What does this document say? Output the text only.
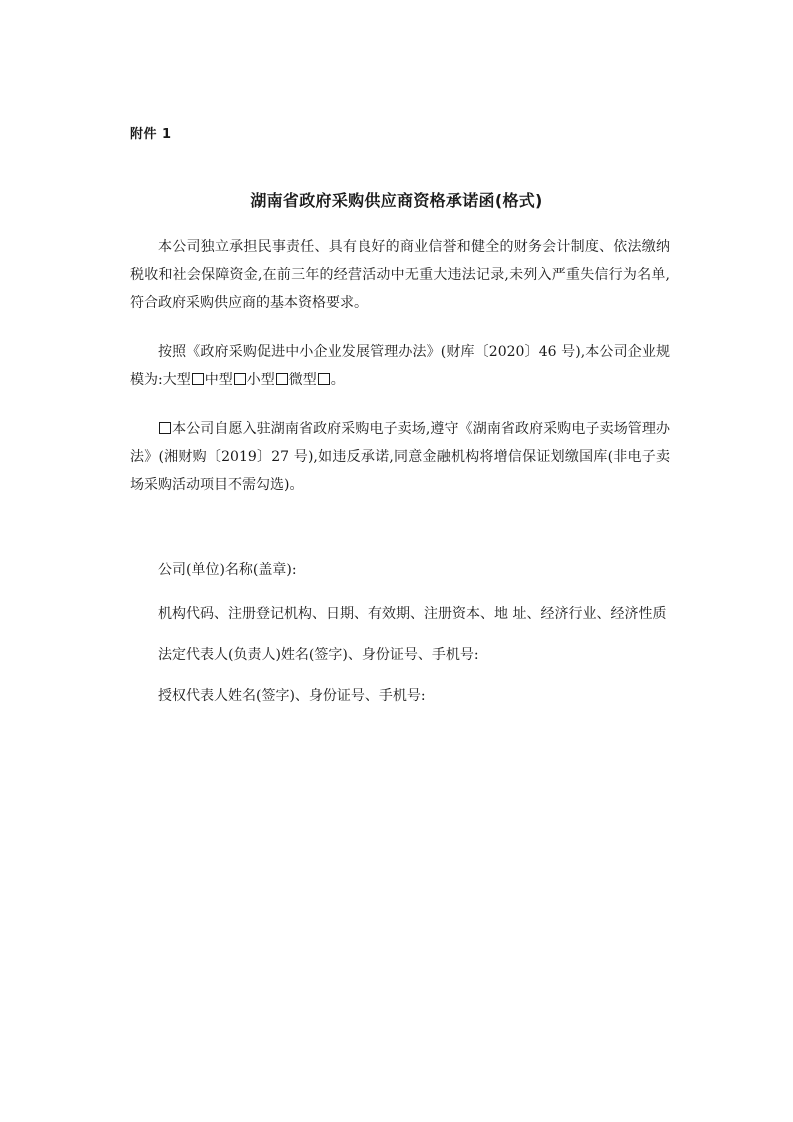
附件 1
湖南省政府采购供应商资格承诺函(格式)

本公司独立承担民事责任、具有良好的商业信誉和健全的财务会计制度、依法缴纳税收和社会保障资金,在前三年的经营活动中无重大违法记录,未列入严重失信行为名单,符合政府采购供应商的基本资格要求。

按照《政府采购促进中小企业发展管理办法》(财库〔2020〕46 号),本公司企业规模为:大型 中型 小型 微型 。

本公司自愿入驻湖南省政府采购电子卖场,遵守《湖南省政府采购电子卖场管理办法》(湘财购〔2019〕27 号),如违反承诺,同意金融机构将增信保证划缴国库(非电子卖场采购活动项目不需勾选)。

公司(单位)名称(盖章):
机构代码、注册登记机构、日期、有效期、注册资本、地 址、经济行业、经济性质
法定代表人(负责人)姓名(签字)、身份证号、手机号:
授权代表人姓名(签字)、身份证号、手机号:
